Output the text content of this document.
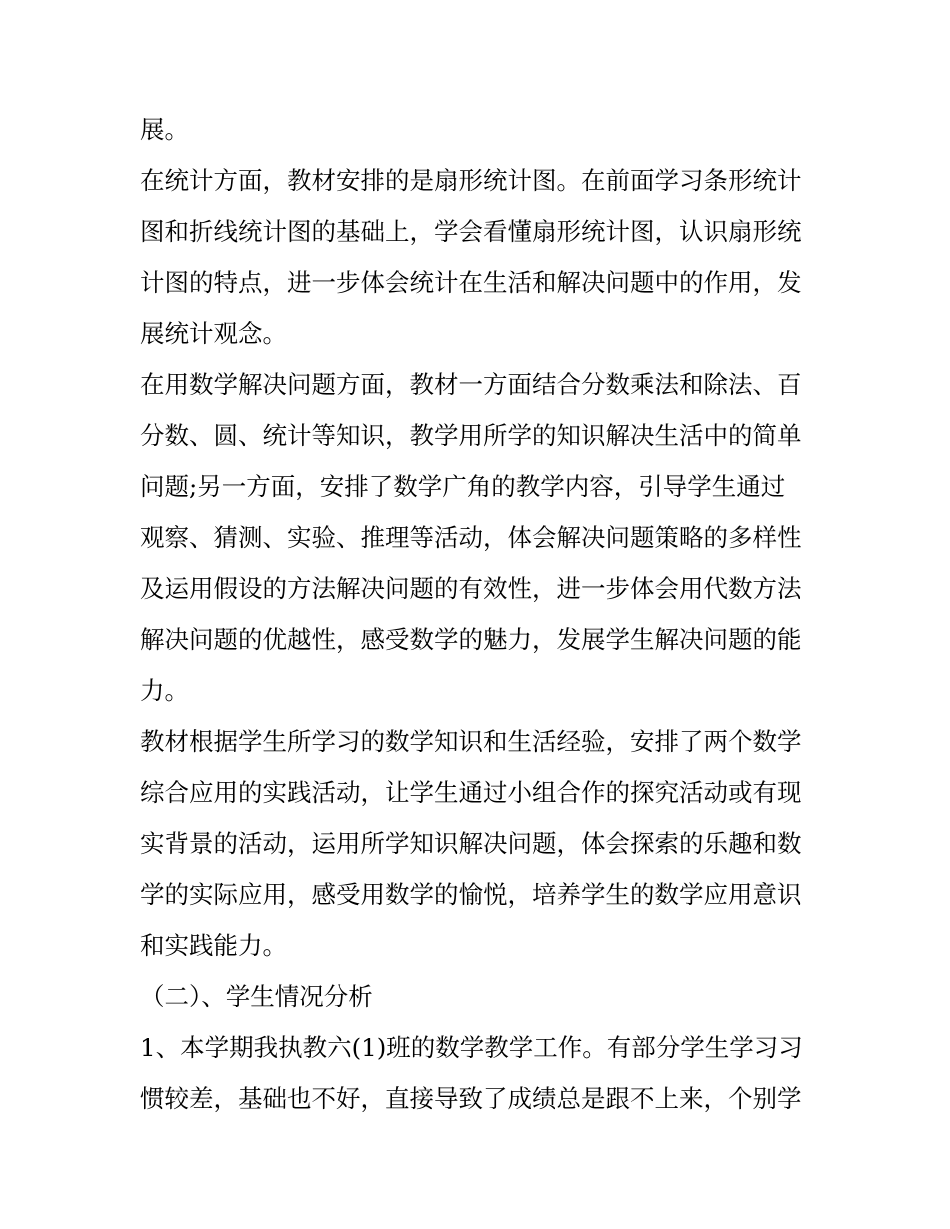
展。
在统计方面，教材安排的是扇形统计图。在前面学习条形统计
图和折线统计图的基础上，学会看懂扇形统计图，认识扇形统
计图的特点，进一步体会统计在生活和解决问题中的作用，发
展统计观念。
在用数学解决问题方面，教材一方面结合分数乘法和除法、百
分数、圆、统计等知识，教学用所学的知识解决生活中的简单
问题;另一方面，安排了数学广角的教学内容，引导学生通过
观察、猜测、实验、推理等活动，体会解决问题策略的多样性
及运用假设的方法解决问题的有效性，进一步体会用代数方法
解决问题的优越性，感受数学的魅力，发展学生解决问题的能
力。
教材根据学生所学习的数学知识和生活经验，安排了两个数学
综合应用的实践活动，让学生通过小组合作的探究活动或有现
实背景的活动，运用所学知识解决问题，体会探索的乐趣和数
学的实际应用，感受用数学的愉悦，培养学生的数学应用意识
和实践能力。
（二）、学生情况分析
1、本学期我执教六(1)班的数学教学工作。有部分学生学习习
惯较差，基础也不好，直接导致了成绩总是跟不上来，个别学
